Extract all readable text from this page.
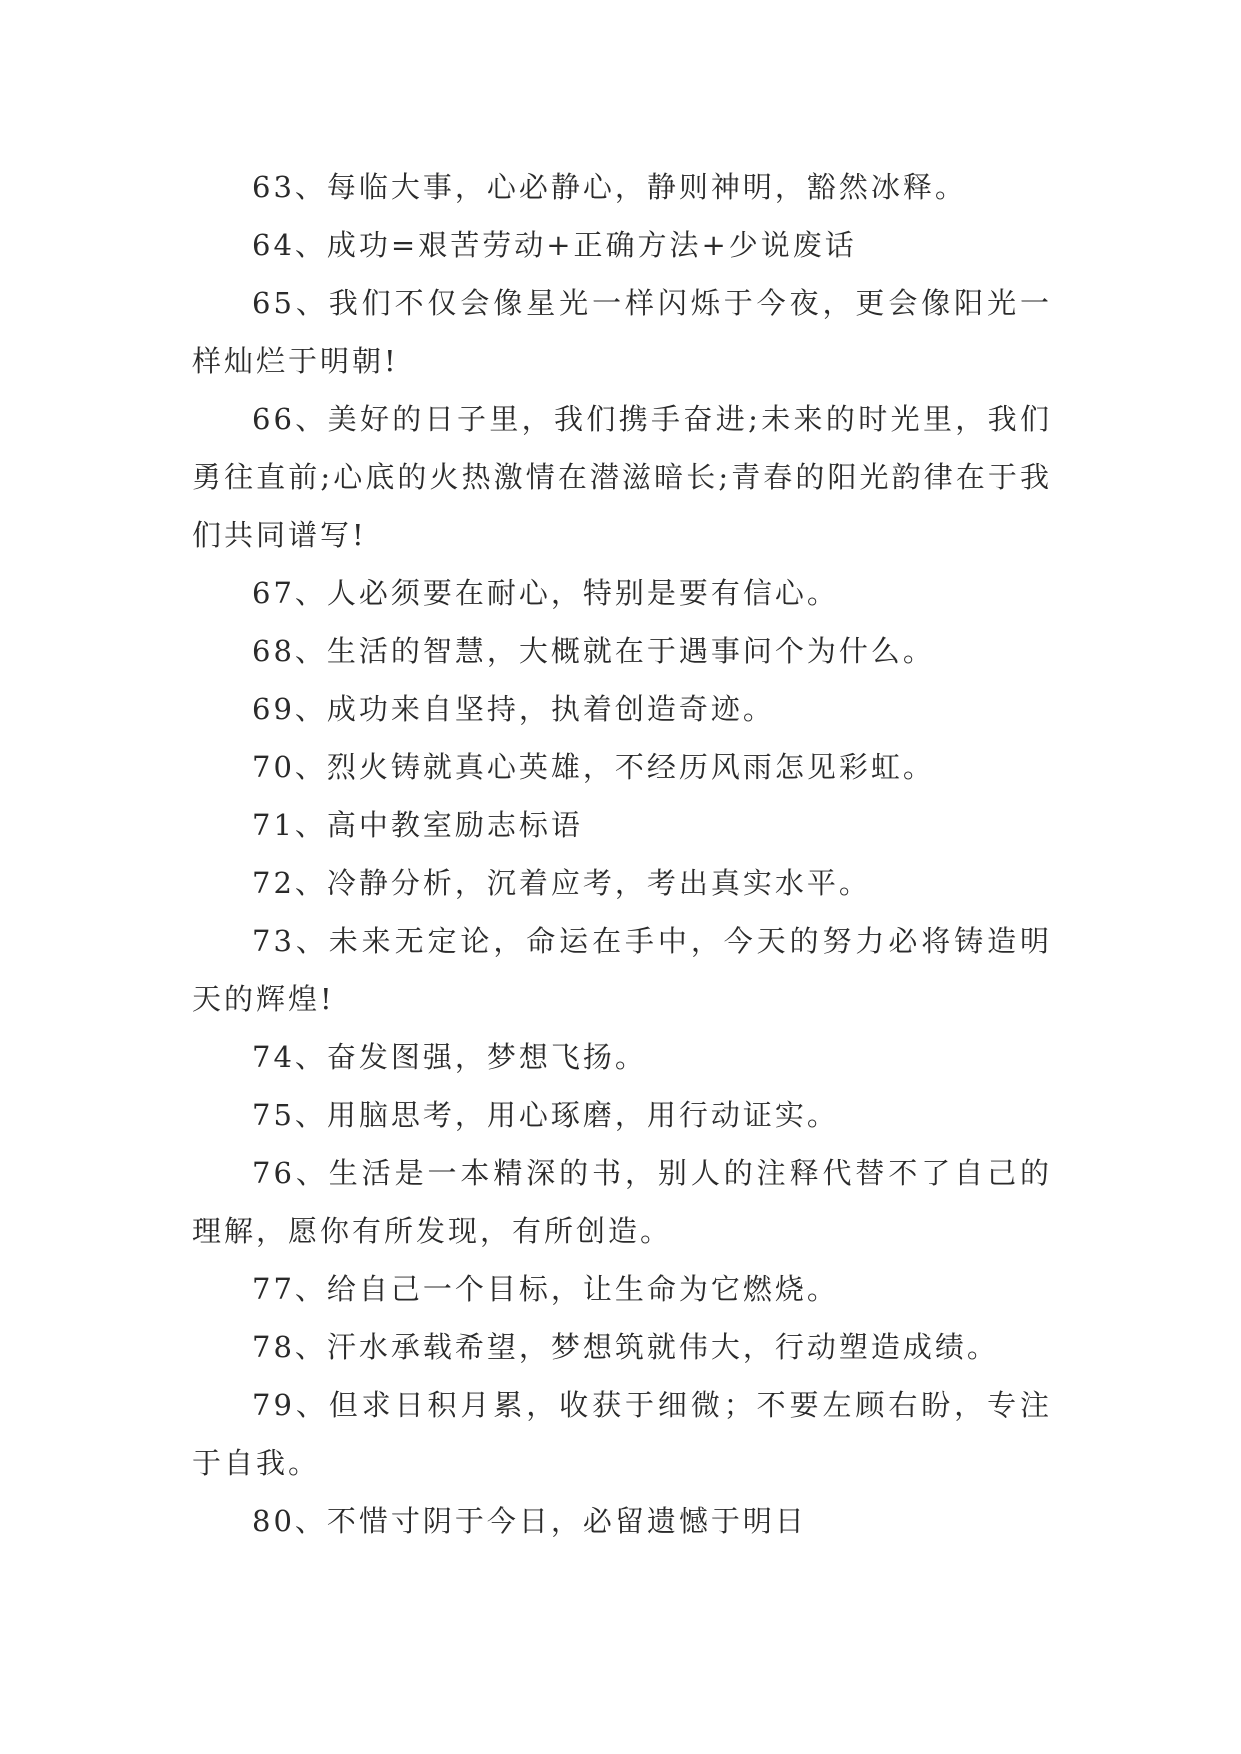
63、每临大事，心必静心，静则神明，豁然冰释。

64、成功=艰苦劳动+正确方法+少说废话

65、我们不仅会像星光一样闪烁于今夜，更会像阳光一样灿烂于明朝!

66、美好的日子里，我们携手奋进;未来的时光里，我们勇往直前;心底的火热激情在潜滋暗长;青春的阳光韵律在于我们共同谱写!

67、人必须要在耐心，特别是要有信心。

68、生活的智慧，大概就在于遇事问个为什么。

69、成功来自坚持，执着创造奇迹。

70、烈火铸就真心英雄，不经历风雨怎见彩虹。

71、高中教室励志标语

72、冷静分析，沉着应考，考出真实水平。

73、未来无定论，命运在手中，今天的努力必将铸造明天的辉煌!

74、奋发图强，梦想飞扬。

75、用脑思考，用心琢磨，用行动证实。

76、生活是一本精深的书，别人的注释代替不了自己的理解，愿你有所发现，有所创造。

77、给自己一个目标，让生命为它燃烧。

78、汗水承载希望，梦想筑就伟大，行动塑造成绩。

79、但求日积月累，收获于细微；不要左顾右盼，专注于自我。

80、不惜寸阴于今日，必留遗憾于明日
